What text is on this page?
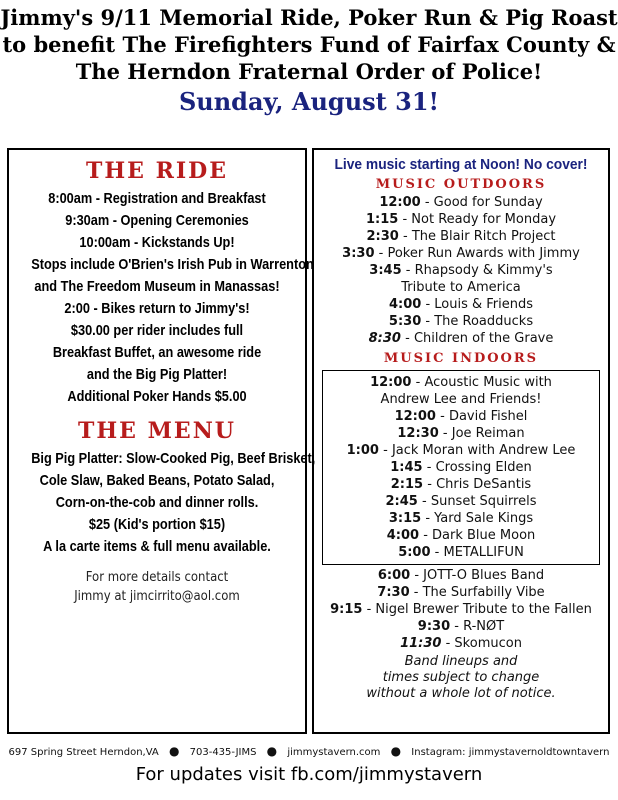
Jimmy's 9/11 Memorial Ride, Poker Run & Pig Roast
to benefit The Firefighters Fund of Fairfax County &
The Herndon Fraternal Order of Police!
Sunday, August 31!
THE RIDE
8:00am - Registration and Breakfast
9:30am - Opening Ceremonies
10:00am - Kickstands Up!
Stops include O'Brien's Irish Pub in Warrenton
and The Freedom Museum in Manassas!
2:00 - Bikes return to Jimmy's!
$30.00 per rider includes full
Breakfast Buffet, an awesome ride
and the Big Pig Platter!
Additional Poker Hands $5.00
THE MENU
Big Pig Platter: Slow-Cooked Pig, Beef Brisket,
Cole Slaw, Baked Beans, Potato Salad,
Corn-on-the-cob and dinner rolls.
$25 (Kid's portion $15)
A la carte items & full menu available.
For more details contact
Jimmy at jimcirrito@aol.com
Live music starting at Noon! No cover!
MUSIC OUTDOORS
12:00 - Good for Sunday
1:15 - Not Ready for Monday
2:30 - The Blair Ritch Project
3:30 - Poker Run Awards with Jimmy
3:45 - Rhapsody & Kimmy's
Tribute to America
4:00 - Louis & Friends
5:30 - The Roadducks
8:30 - Children of the Grave
MUSIC INDOORS
12:00 - Acoustic Music with
Andrew Lee and Friends!
12:00 - David Fishel
12:30 - Joe Reiman
1:00 - Jack Moran with Andrew Lee
1:45 - Crossing Elden
2:15 - Chris DeSantis
2:45 - Sunset Squirrels
3:15 - Yard Sale Kings
4:00 - Dark Blue Moon
5:00 - METALLIFUN
6:00 - JOTT-O Blues Band
7:30 - The Surfabilly Vibe
9:15 - Nigel Brewer Tribute to the Fallen
9:30 - R-NØT
11:30 - Skomucon
Band lineups and
times subject to change
without a whole lot of notice.
697 Spring Street Herndon,VA ● 703-435-JIMS ● jimmystavern.com ● Instagram: jimmystavernoldtowntavern
For updates visit fb.com/jimmystavern
